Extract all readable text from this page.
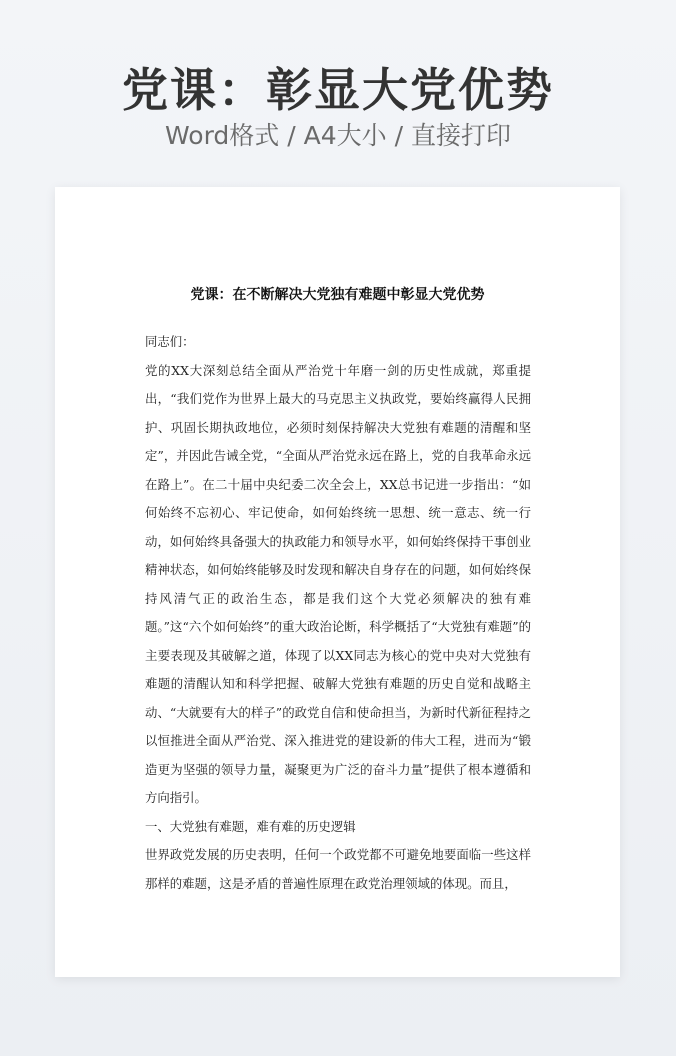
党课：彰显大党优势
Word格式 / A4大小 / 直接打印
党课：在不断解决大党独有难题中彰显大党优势

同志们：

党的XX大深刻总结全面从严治党十年磨一剑的历史性成就，郑重提出，“我们党作为世界上最大的马克思主义执政党，要始终赢得人民拥护、巩固长期执政地位，必须时刻保持解决大党独有难题的清醒和坚定”，并因此告诫全党，“全面从严治党永远在路上，党的自我革命永远在路上”。在二十届中央纪委二次全会上，XX总书记进一步指出：“如何始终不忘初心、牢记使命，如何始终统一思想、统一意志、统一行动，如何始终具备强大的执政能力和领导水平，如何始终保持干事创业精神状态，如何始终能够及时发现和解决自身存在的问题，如何始终保持风清气正的政治生态，都是我们这个大党必须解决的独有难题。”这“六个如何始终”的重大政治论断，科学概括了“大党独有难题”的主要表现及其破解之道，体现了以XX同志为核心的党中央对大党独有难题的清醒认知和科学把握、破解大党独有难题的历史自觉和战略主动、“大就要有大的样子”的政党自信和使命担当，为新时代新征程持之以恒推进全面从严治党、深入推进党的建设新的伟大工程，进而为“锻造更为坚强的领导力量，凝聚更为广泛的奋斗力量”提供了根本遵循和方向指引。

一、大党独有难题，难有难的历史逻辑

世界政党发展的历史表明，任何一个政党都不可避免地要面临一些这样那样的难题，这是矛盾的普遍性原理在政党治理领域的体现。而且，
